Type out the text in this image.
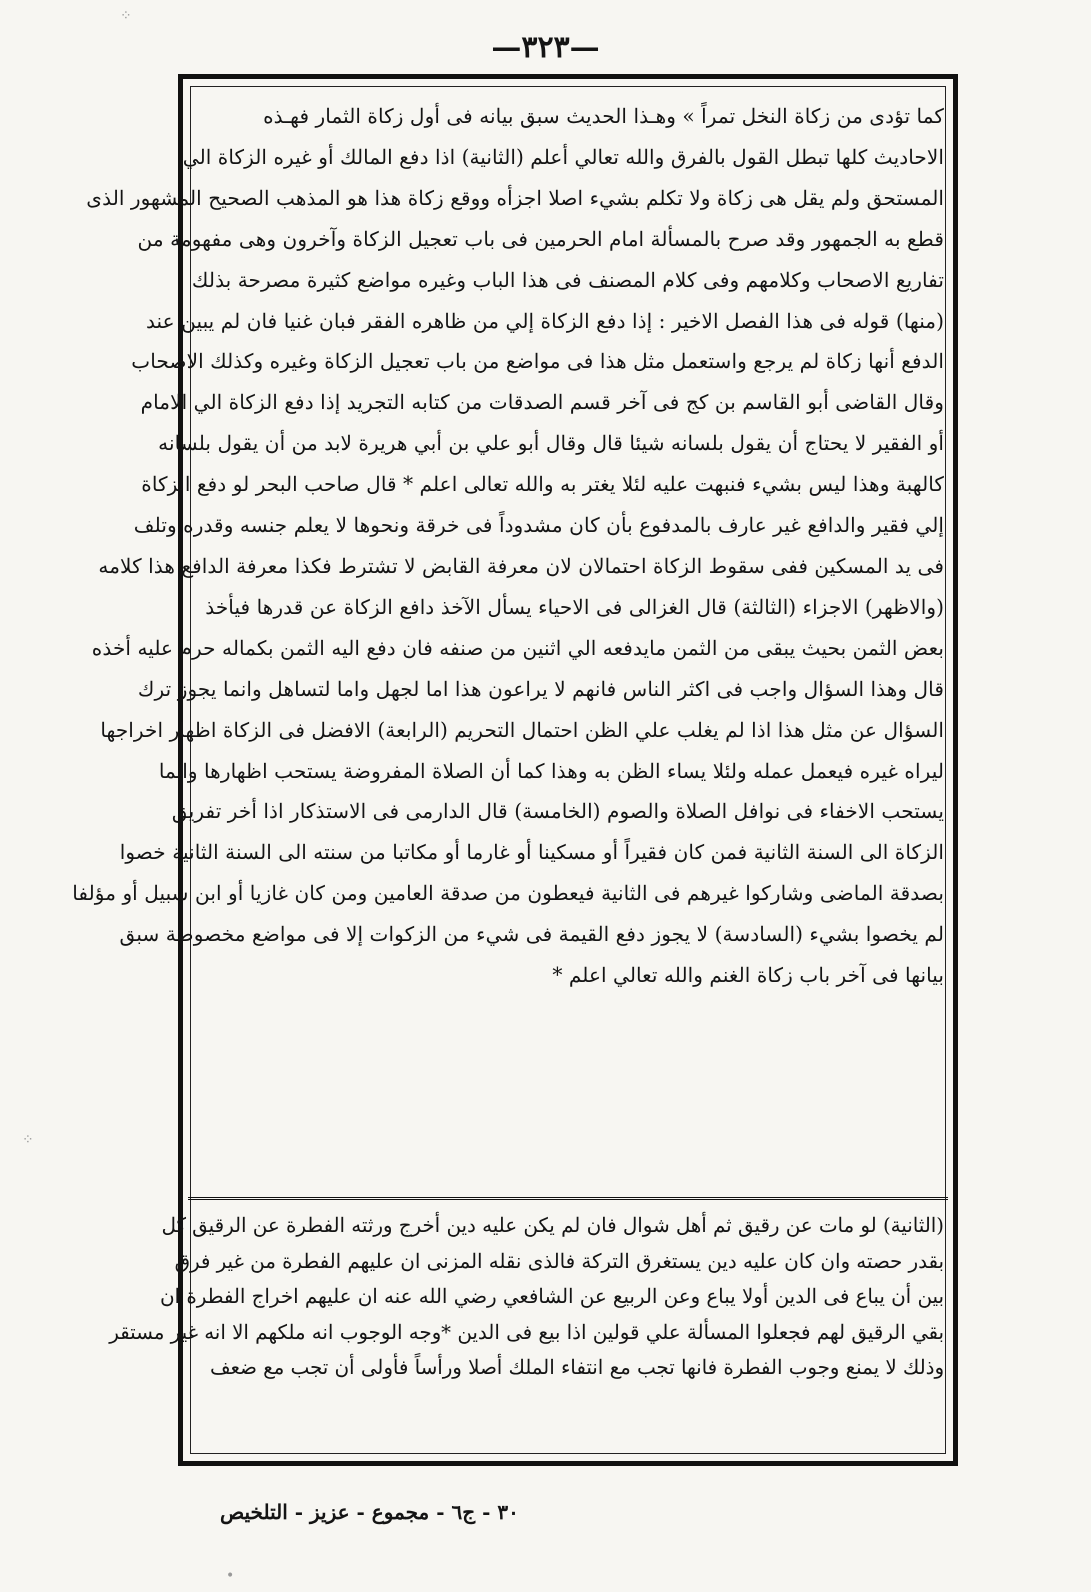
—٣٢٣—
كما تؤدى من زكاة النخل تمراً » وهـذا الحديث سبق بيانه فى أول زكاة الثمار فهـذه
الاحاديث كلها تبطل القول بالفرق والله تعالي أعلم (الثانية) اذا دفع المالك أو غيره الزكاة الي
المستحق ولم يقل هى زكاة ولا تكلم بشيء اصلا اجزأه ووقع زكاة هذا هو المذهب الصحيح المشهور الذى
قطع به الجمهور وقد صرح بالمسألة امام الحرمين فى باب تعجيل الزكاة وآخرون وهى مفهومة من
تفاريع الاصحاب وكلامهم وفى كلام المصنف فى هذا الباب وغيره مواضع كثيرة مصرحة بذلك
(منها) قوله فى هذا الفصل الاخير : إذا دفع الزكاة إلي من ظاهره الفقر فبان غنيا فان لم يبين عند
الدفع أنها زكاة لم يرجع واستعمل مثل هذا فى مواضع من باب تعجيل الزكاة وغيره وكذلك الاصحاب
وقال القاضى أبو القاسم بن كج فى آخر قسم الصدقات من كتابه التجريد إذا دفع الزكاة الي الامام
أو الفقير لا يحتاج أن يقول بلسانه شيئا قال وقال أبو علي بن أبي هريرة لابد من أن يقول بلسانه
كالهبة وهذا ليس بشيء فنبهت عليه لئلا يغتر به والله تعالى اعلم * قال صاحب البحر لو دفع الزكاة
إلي فقير والدافع غير عارف بالمدفوع بأن كان مشدوداً فى خرقة ونحوها لا يعلم جنسه وقدره وتلف
فى يد المسكين ففى سقوط الزكاة احتمالان لان معرفة القابض لا تشترط فكذا معرفة الدافع هذا كلامه
(والاظهر) الاجزاء (الثالثة) قال الغزالى فى الاحياء يسأل الآخذ دافع الزكاة عن قدرها فيأخذ
بعض الثمن بحيث يبقى من الثمن مايدفعه الي اثنين من صنفه فان دفع اليه الثمن بكماله حرم عليه أخذه
قال وهذا السؤال واجب فى اكثر الناس فانهم لا يراعون هذا اما لجهل واما لتساهل وانما يجوز ترك
السؤال عن مثل هذا اذا لم يغلب علي الظن احتمال التحريم (الرابعة) الافضل فى الزكاة اظهار اخراجها
ليراه غيره فيعمل عمله ولئلا يساء الظن به وهذا كما أن الصلاة المفروضة يستحب اظهارها وانما
يستحب الاخفاء فى نوافل الصلاة والصوم (الخامسة) قال الدارمى فى الاستذكار اذا أخر تفريق
الزكاة الى السنة الثانية فمن كان فقيراً أو مسكينا أو غارما أو مكاتبا من سنته الى السنة الثانية خصوا
بصدقة الماضى وشاركوا غيرهم فى الثانية فيعطون من صدقة العامين ومن كان غازيا أو ابن سبيل أو مؤلفا
لم يخصوا بشيء (السادسة) لا يجوز دفع القيمة فى شيء من الزكوات إلا فى مواضع مخصوصة سبق
بيانها فى آخر باب زكاة الغنم والله تعالي اعلم *
(الثانية) لو مات عن رقيق ثم أهل شوال فان لم يكن عليه دين أخرج ورثته الفطرة عن الرقيق كل
بقدر حصته وان كان عليه دين يستغرق التركة فالذى نقله المزنى ان عليهم الفطرة من غير فرق
بين أن يباع فى الدين أولا يباع وعن الربيع عن الشافعي رضي الله عنه ان عليهم اخراج الفطرة ان
بقي الرقيق لهم فجعلوا المسألة علي قولين اذا بيع فى الدين *وجه الوجوب انه ملكهم الا انه غير مستقر
وذلك لا يمنع وجوب الفطرة فانها تجب مع انتفاء الملك أصلا ورأساً فأولى أن تجب مع ضعف
٣٠ - ج٦ - مجموع - عزيز - التلخيص
⁘
⁘
•
